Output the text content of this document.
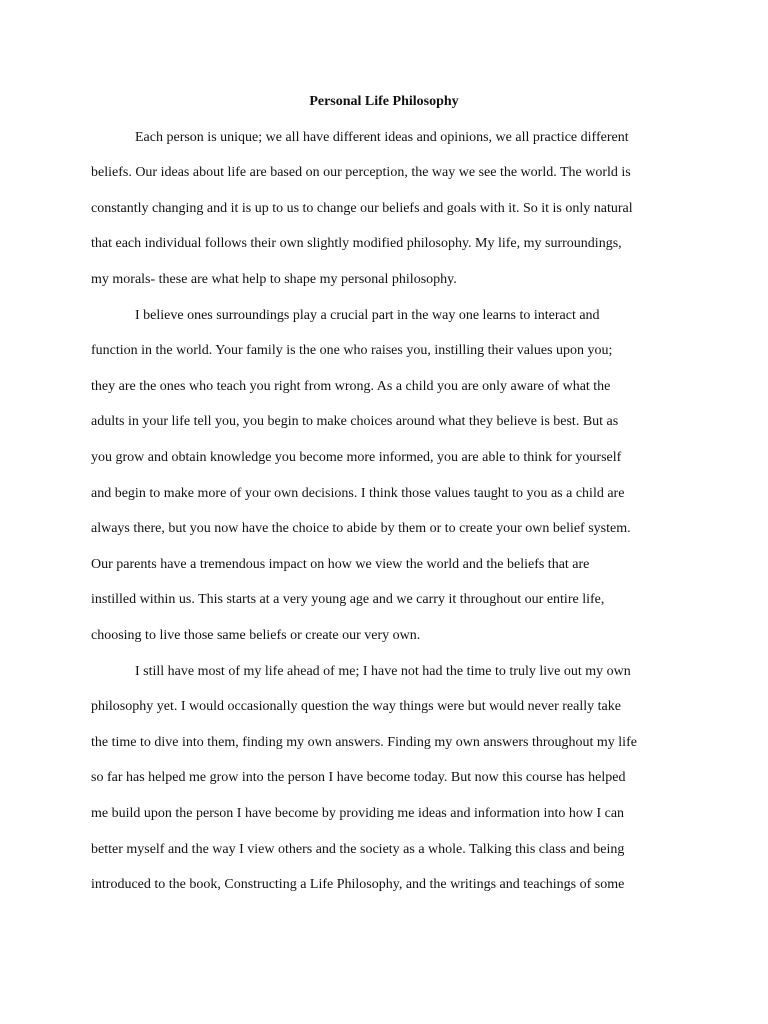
Personal Life Philosophy
Each person is unique; we all have different ideas and opinions, we all practice different
beliefs. Our ideas about life are based on our perception, the way we see the world. The world is
constantly changing and it is up to us to change our beliefs and goals with it. So it is only natural
that each individual follows their own slightly modified philosophy. My life, my surroundings,
my morals- these are what help to shape my personal philosophy.
I believe ones surroundings play a crucial part in the way one learns to interact and
function in the world. Your family is the one who raises you, instilling their values upon you;
they are the ones who teach you right from wrong. As a child you are only aware of what the
adults in your life tell you, you begin to make choices around what they believe is best. But as
you grow and obtain knowledge you become more informed, you are able to think for yourself
and begin to make more of your own decisions. I think those values taught to you as a child are
always there, but you now have the choice to abide by them or to create your own belief system.
Our parents have a tremendous impact on how we view the world and the beliefs that are
instilled within us. This starts at a very young age and we carry it throughout our entire life,
choosing to live those same beliefs or create our very own.
I still have most of my life ahead of me; I have not had the time to truly live out my own
philosophy yet. I would occasionally question the way things were but would never really take
the time to dive into them, finding my own answers. Finding my own answers throughout my life
so far has helped me grow into the person I have become today. But now this course has helped
me build upon the person I have become by providing me ideas and information into how I can
better myself and the way I view others and the society as a whole. Talking this class and being
introduced to the book, Constructing a Life Philosophy, and the writings and teachings of some
